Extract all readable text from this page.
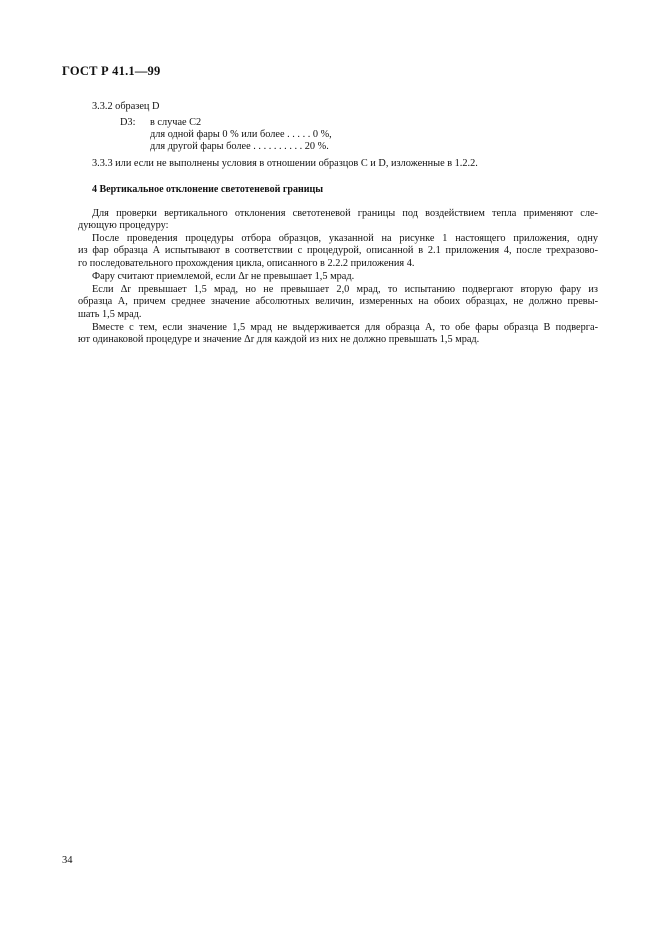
ГОСТ Р 41.1—99
3.3.2 образец D
D3: в случае С2
для одной фары 0 % или более . . . . . 0 %,
для другой фары более . . . . . . . . . . 20 %.
3.3.3 или если не выполнены условия в отношении образцов С и D, изложенные в 1.2.2.
4 Вертикальное отклонение светотеневой границы
Для проверки вертикального отклонения светотеневой границы под воздействием тепла применяют сле-
дующую процедуру:
После проведения процедуры отбора образцов, указанной на рисунке 1 настоящего приложения, одну
из фар образца А испытывают в соответствии с процедурой, описанной в 2.1 приложения 4, после трехразово-
го последовательного прохождения цикла, описанного в 2.2.2 приложения 4.
Фару считают приемлемой, если Δr не превышает 1,5 мрад.
Если Δr превышает 1,5 мрад, но не превышает 2,0 мрад, то испытанию подвергают вторую фару из
образца А, причем среднее значение абсолютных величин, измеренных на обоих образцах, не должно превы-
шать 1,5 мрад.
Вместе с тем, если значение 1,5 мрад не выдерживается для образца А, то обе фары образца В подверга-
ют одинаковой процедуре и значение Δr для каждой из них не должно превышать 1,5 мрад.
34
